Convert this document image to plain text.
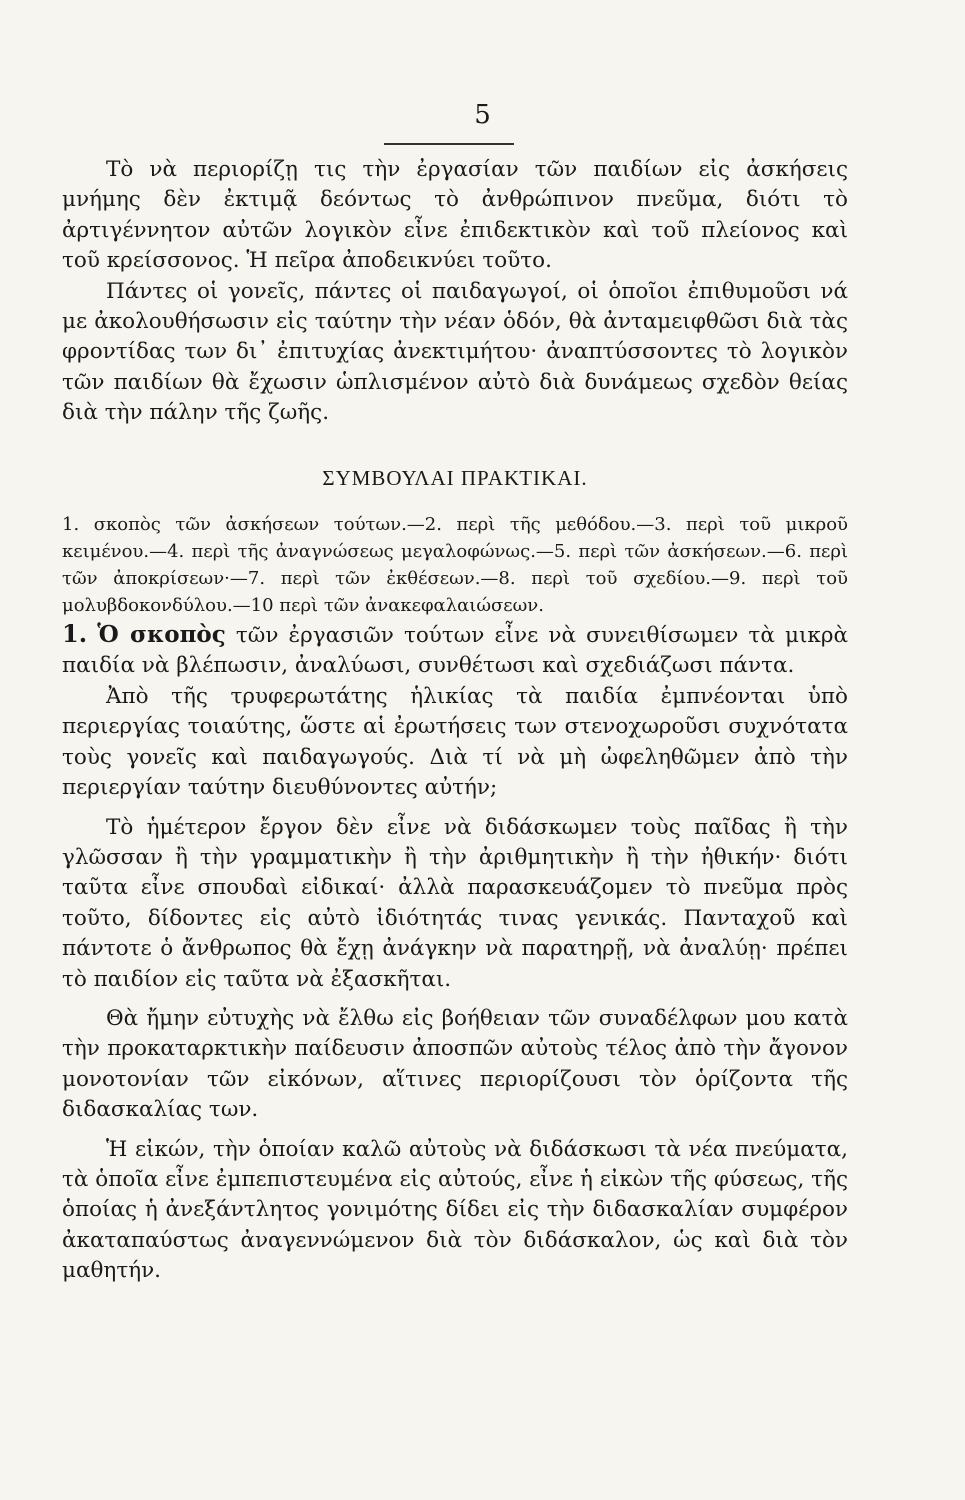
5

Τὸ νὰ περιορίζῃ τις τὴν ἐργασίαν τῶν παιδίων εἰς ἀσκήσεις μνήμης δὲν ἐκτιμᾷ δεόντως τὸ ἀνθρώπινον πνεῦμα, διότι τὸ ἀρτιγέννητον αὐτῶν λογικὸν εἶνε ἐπιδεκτικὸν καὶ τοῦ πλείονος καὶ τοῦ κρείσσονος. Ἡ πεῖρα ἀποδεικνύει τοῦτο.

Πάντες οἱ γονεῖς, πάντες οἱ παιδαγωγοί, οἱ ὁποῖοι ἐπιθυμοῦσι νά με ἀκολουθήσωσιν εἰς ταύτην τὴν νέαν ὁδόν, θὰ ἀνταμειφθῶσι διὰ τὰς φροντίδας των δι᾽ ἐπιτυχίας ἀνεκτιμήτου· ἀναπτύσσοντες τὸ λογικὸν τῶν παιδίων θὰ ἔχωσιν ὡπλισμένον αὐτὸ διὰ δυνάμεως σχεδὸν θείας διὰ τὴν πάλην τῆς ζωῆς.

ΣΥΜΒΟΥΛΑΙ ΠΡΑΚΤΙΚΑΙ.

1. σκοπὸς τῶν ἀσκήσεων τούτων.—2. περὶ τῆς μεθόδου.—3. περὶ τοῦ μικροῦ κειμένου.—4. περὶ τῆς ἀναγνώσεως μεγαλοφώνως.—5. περὶ τῶν ἀσκήσεων.—6. περὶ τῶν ἀποκρίσεων·—7. περὶ τῶν ἐκθέσεων.—8. περὶ τοῦ σχεδίου.—9. περὶ τοῦ μολυβδοκονδύλου.—10 περὶ τῶν ἀνακεφαλαιώσεων.

1. Ὁ σκοπὸς τῶν ἐργασιῶν τούτων εἶνε νὰ συνειθίσωμεν τὰ μικρὰ παιδία νὰ βλέπωσιν, ἀναλύωσι, συνθέτωσι καὶ σχεδιάζωσι πάντα.

Ἀπὸ τῆς τρυφερωτάτης ἡλικίας τὰ παιδία ἐμπνέονται ὑπὸ περιεργίας τοιαύτης, ὥστε αἱ ἐρωτήσεις των στενοχωροῦσι συχνότατα τοὺς γονεῖς καὶ παιδαγωγούς. Διὰ τί νὰ μὴ ὠφεληθῶμεν ἀπὸ τὴν περιεργίαν ταύτην διευθύνοντες αὐτήν;

Τὸ ἡμέτερον ἔργον δὲν εἶνε νὰ διδάσκωμεν τοὺς παῖδας ἢ τὴν γλῶσσαν ἢ τὴν γραμματικὴν ἢ τὴν ἀριθμητικὴν ἢ τὴν ἠθικήν· διότι ταῦτα εἶνε σπουδαὶ εἰδικαί· ἀλλὰ παρασκευάζομεν τὸ πνεῦμα πρὸς τοῦτο, δίδοντες εἰς αὐτὸ ἰδιότητάς τινας γενικάς. Πανταχοῦ καὶ πάντοτε ὁ ἄνθρωπος θὰ ἔχῃ ἀνάγκην νὰ παρατηρῇ, νὰ ἀναλύῃ· πρέπει τὸ παιδίον εἰς ταῦτα νὰ ἐξασκῆται.

Θὰ ἤμην εὐτυχὴς νὰ ἔλθω εἰς βοήθειαν τῶν συναδέλφων μου κατὰ τὴν προκαταρκτικὴν παίδευσιν ἀποσπῶν αὐτοὺς τέλος ἀπὸ τὴν ἄγονον μονοτονίαν τῶν εἰκόνων, αἵτινες περιορίζουσι τὸν ὁρίζοντα τῆς διδασκαλίας των.

Ἡ εἰκών, τὴν ὁποίαν καλῶ αὐτοὺς νὰ διδάσκωσι τὰ νέα πνεύματα, τὰ ὁποῖα εἶνε ἐμπεπιστευμένα εἰς αὐτούς, εἶνε ἡ εἰκὼν τῆς φύσεως, τῆς ὁποίας ἡ ἀνεξάντλητος γονιμότης δίδει εἰς τὴν διδασκαλίαν συμφέρον ἀκαταπαύστως ἀναγεννώμενον διὰ τὸν διδάσκαλον, ὡς καὶ διὰ τὸν μαθητήν.
